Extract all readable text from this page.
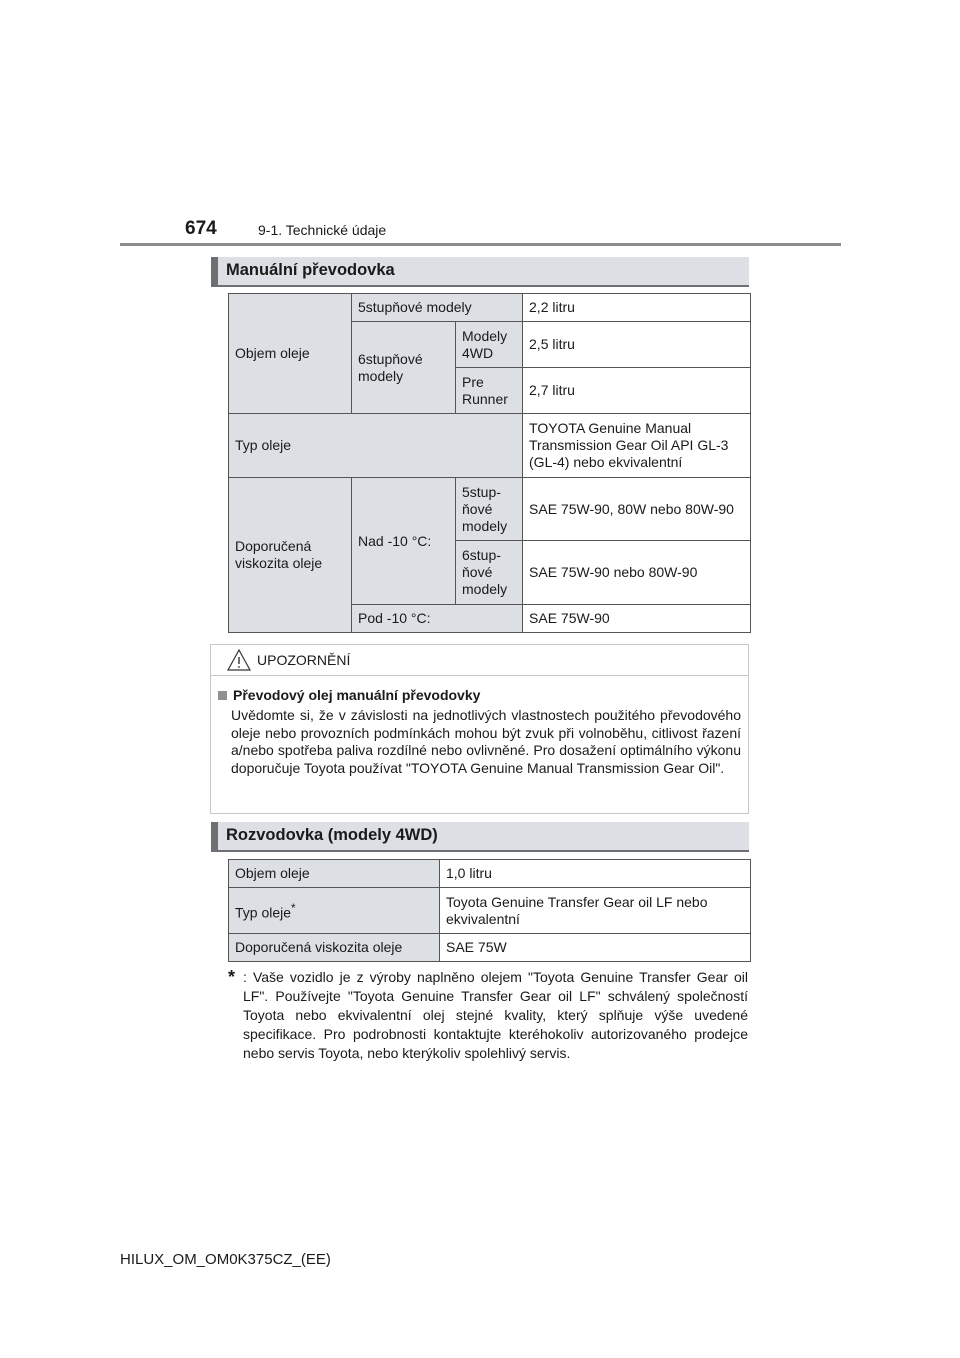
674	9-1. Technické údaje
Manuální převodovka
Objem oleje	5stupňové modely		2,2 litru
	6stupňové modely	Modely 4WD	2,5 litru
		Pre Runner	2,7 litru
Typ oleje			TOYOTA Genuine Manual Transmission Gear Oil API GL-3 (GL-4) nebo ekvivalentní
Doporučená viskozita oleje	Nad -10 °C:	5stup-ňové modely	SAE 75W-90, 80W nebo 80W-90
		6stup-ňové modely	SAE 75W-90 nebo 80W-90
	Pod -10 °C:		SAE 75W-90
UPOZORNĚNÍ
Převodový olej manuální převodovky
Uvědomte si, že v závislosti na jednotlivých vlastnostech použitého převodového oleje nebo provozních podmínkách mohou být zvuk při volnoběhu, citlivost řazení a/nebo spotřeba paliva rozdílné nebo ovlivněné. Pro dosažení optimálního výkonu doporučuje Toyota používat "TOYOTA Genuine Manual Transmission Gear Oil".
Rozvodovka (modely 4WD)
Objem oleje	1,0 litru
Typ oleje*	Toyota Genuine Transfer Gear oil LF nebo ekvivalentní
Doporučená viskozita oleje	SAE 75W
* : Vaše vozidlo je z výroby naplněno olejem "Toyota Genuine Transfer Gear oil LF". Používejte "Toyota Genuine Transfer Gear oil LF" schválený společností Toyota nebo ekvivalentní olej stejné kvality, který splňuje výše uvedené specifikace. Pro podrobnosti kontaktujte kteréhokoliv autorizovaného prodejce nebo servis Toyota, nebo kterýkoliv spolehlivý servis.
HILUX_OM_OM0K375CZ_(EE)
